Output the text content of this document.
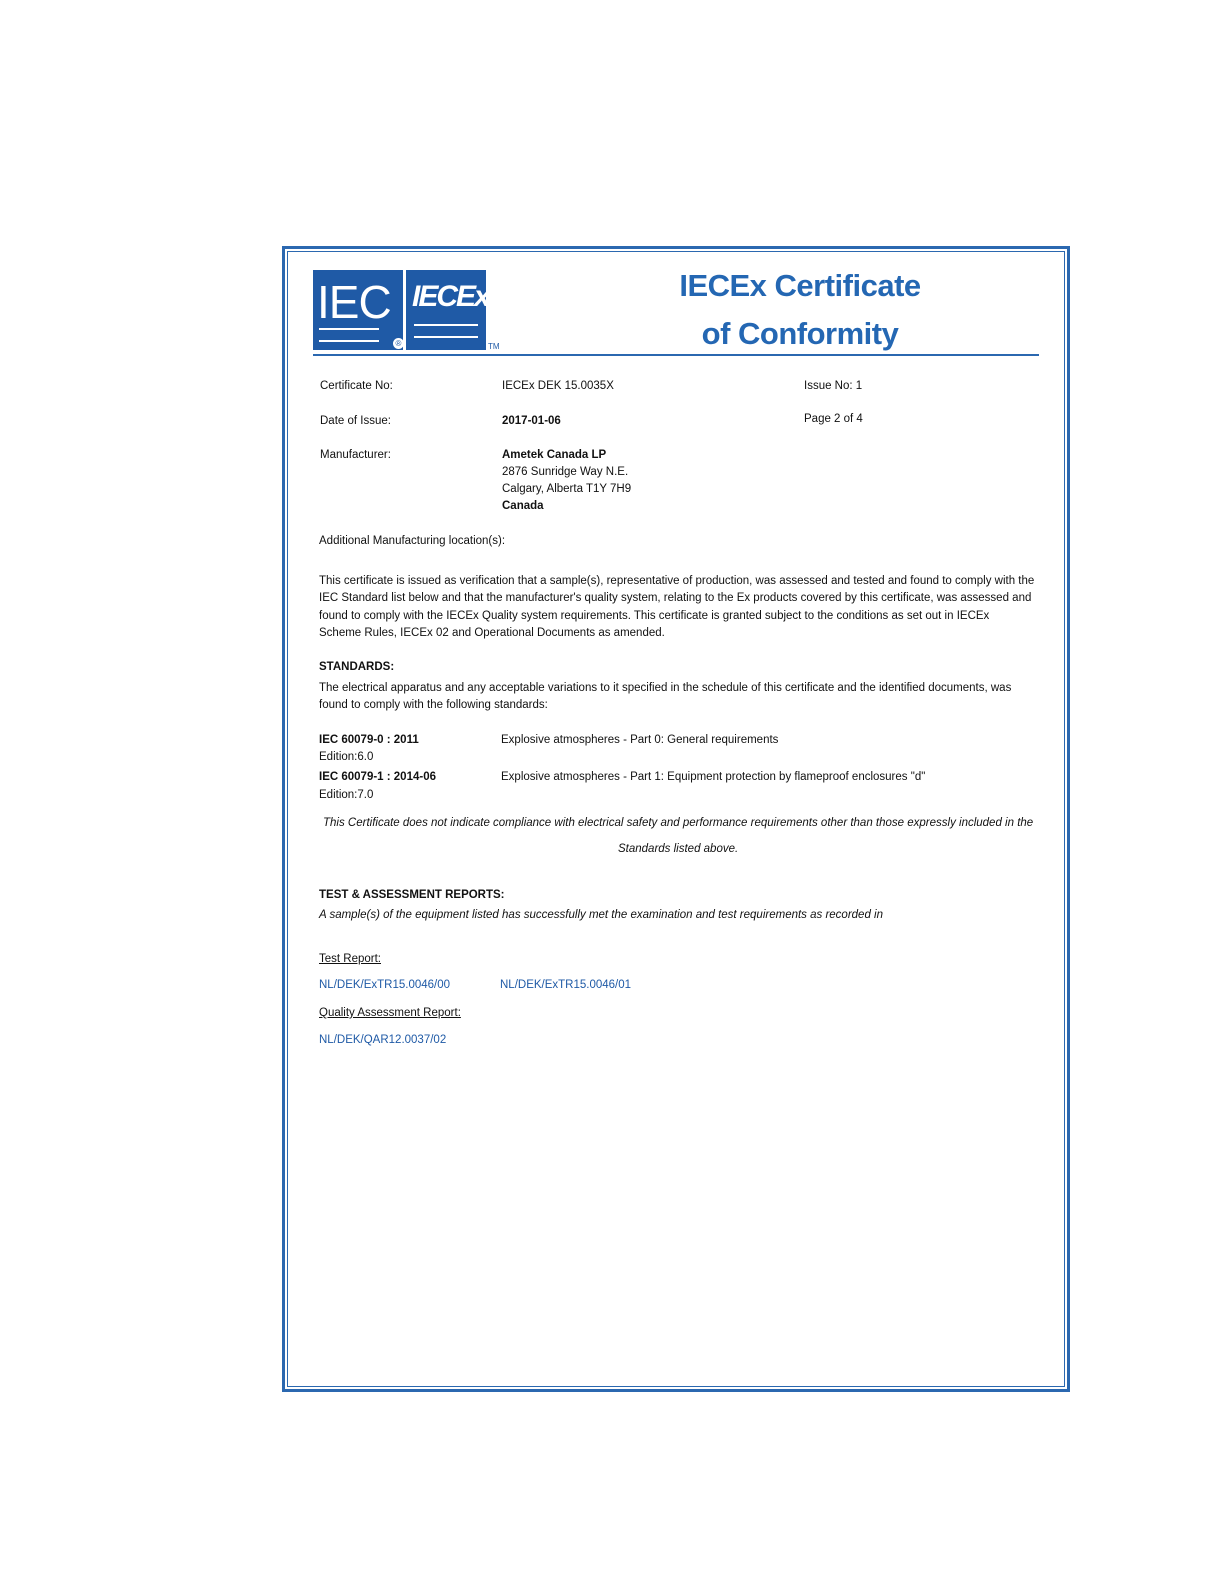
IEC
®
IECEx
TM
IECEx Certificate
of Conformity
Certificate No:	IECEx DEK 15.0035X	Issue No: 1
Date of Issue:	2017-01-06	Page 2 of 4
Manufacturer:	Ametek Canada LP
2876 Sunridge Way N.E.
Calgary, Alberta T1Y 7H9
Canada
Additional Manufacturing location(s):
This certificate is issued as verification that a sample(s), representative of production, was assessed and tested and found to comply with the
IEC Standard list below and that the manufacturer's quality system, relating to the Ex products covered by this certificate, was assessed and
found to comply with the IECEx Quality system requirements. This certificate is granted subject to the conditions as set out in IECEx
Scheme Rules, IECEx 02 and Operational Documents as amended.
STANDARDS:
The electrical apparatus and any acceptable variations to it specified in the schedule of this certificate and the identified documents, was
found to comply with the following standards:
IEC 60079-0 : 2011
Edition:6.0
Explosive atmospheres - Part 0: General requirements
IEC 60079-1 : 2014-06
Edition:7.0
Explosive atmospheres - Part 1: Equipment protection by flameproof enclosures "d"
This Certificate does not indicate compliance with electrical safety and performance requirements other than those expressly included in the
Standards listed above.
TEST & ASSESSMENT REPORTS:
A sample(s) of the equipment listed has successfully met the examination and test requirements as recorded in
Test Report:
NL/DEK/ExTR15.0046/00	NL/DEK/ExTR15.0046/01
Quality Assessment Report:
NL/DEK/QAR12.0037/02
